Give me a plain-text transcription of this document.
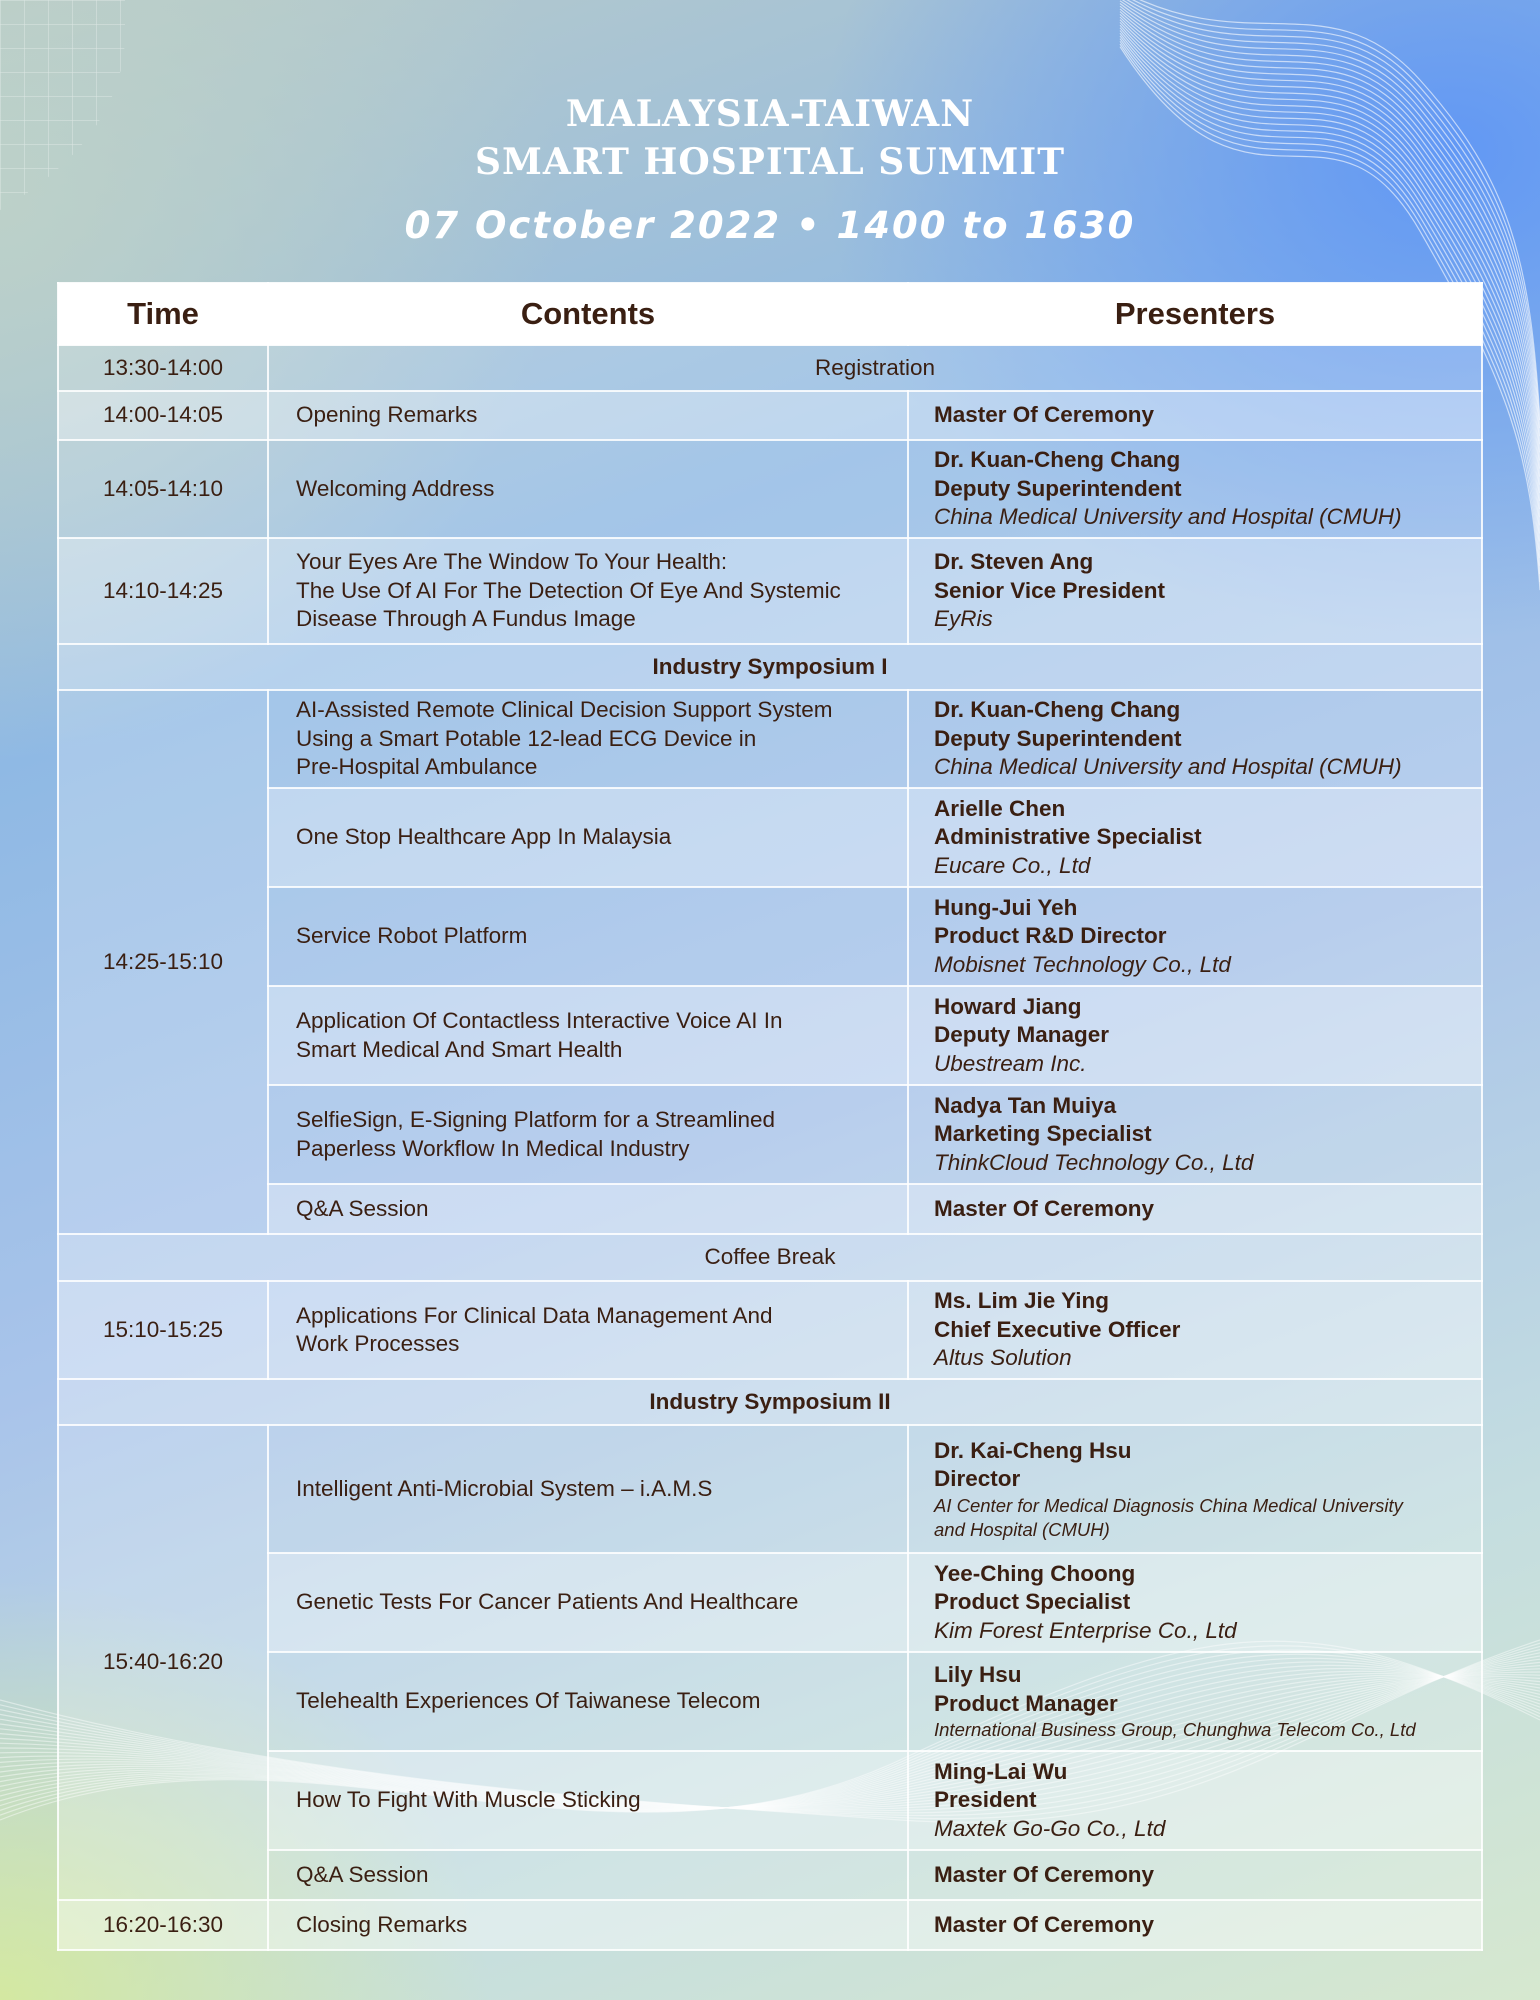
MALAYSIA-TAIWAN
SMART HOSPITAL SUMMIT
07 October 2022 • 1400 to 1630
Time	Contents	Presenters
13:30-14:00	Registration	
14:00-14:05	Opening Remarks	Master Of Ceremony
14:05-14:10	Welcoming Address	Dr. Kuan-Cheng Chang
Deputy Superintendent
China Medical University and Hospital (CMUH)

14:10-14:25	Your Eyes Are The Window To Your Health:
The Use Of AI For The Detection Of Eye And Systemic
Disease Through A Fundus Image	Dr. Steven Ang
Senior Vice President
EyRis

Industry Symposium I		
14:25-15:10	AI-Assisted Remote Clinical Decision Support System
Using a Smart Potable 12-lead ECG Device in
Pre-Hospital Ambulance	Dr. Kuan-Cheng Chang
Deputy Superintendent
China Medical University and Hospital (CMUH)

	One Stop Healthcare App In Malaysia	Arielle Chen
Administrative Specialist
Eucare Co., Ltd

	Service Robot Platform	Hung-Jui Yeh
Product R&D Director
Mobisnet Technology Co., Ltd

	Application Of Contactless Interactive Voice AI In
Smart Medical And Smart Health	Howard Jiang
Deputy Manager
Ubestream Inc.

	SelfieSign, E-Signing Platform for a Streamlined
Paperless Workflow In Medical Industry	Nadya Tan Muiya
Marketing Specialist
ThinkCloud Technology Co., Ltd

	Q&A Session	Master Of Ceremony
Coffee Break		
15:10-15:25	Applications For Clinical Data Management And
Work Processes	Ms. Lim Jie Ying
Chief Executive Officer
Altus Solution

Industry Symposium II		
15:40-16:20	Intelligent Anti-Microbial System – i.A.M.S	Dr. Kai-Cheng Hsu
Director
AI Center for Medical Diagnosis China Medical University
and Hospital (CMUH)

	Genetic Tests For Cancer Patients And Healthcare	Yee-Ching Choong
Product Specialist
Kim Forest Enterprise Co., Ltd

	Telehealth Experiences Of Taiwanese Telecom	Lily Hsu
Product Manager
International Business Group, Chunghwa Telecom Co., Ltd

	How To Fight With Muscle Sticking	Ming-Lai Wu
President
Maxtek Go-Go Co., Ltd

	Q&A Session	Master Of Ceremony
16:20-16:30	Closing Remarks	Master Of Ceremony
